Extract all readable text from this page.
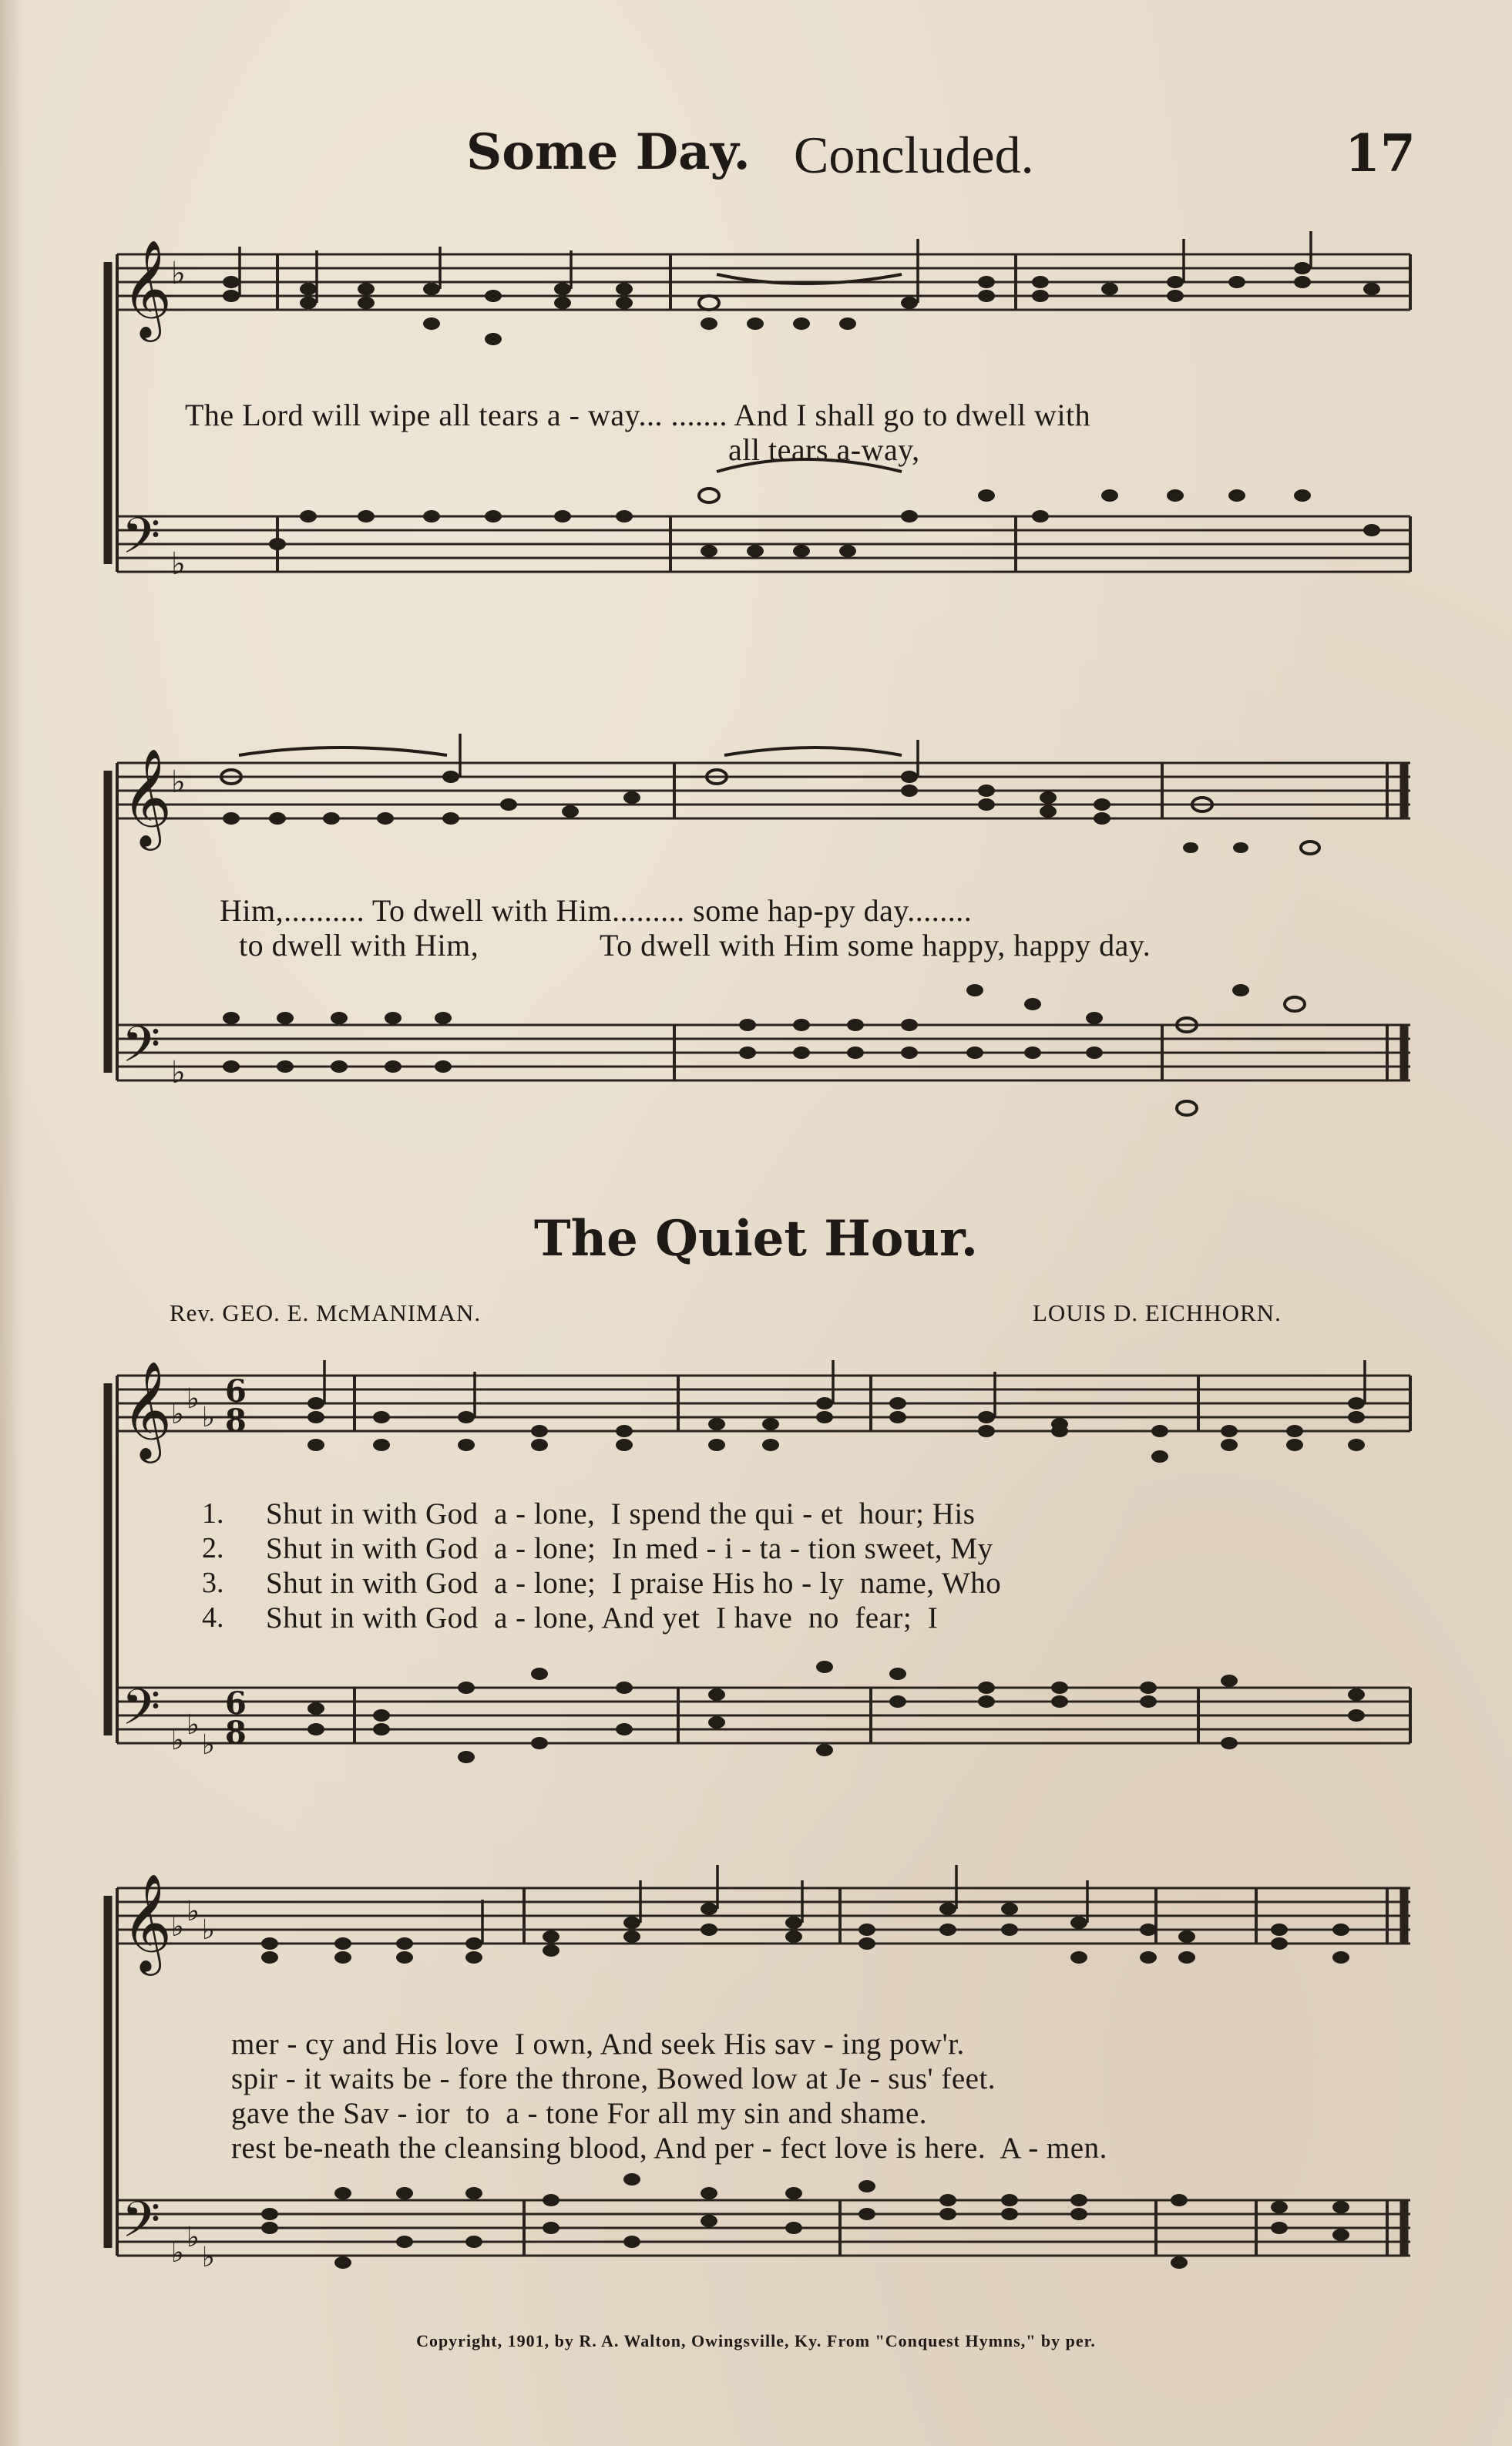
Some Day. Concluded.	17
𝄞
♭
𝄢 ♭
The Lord will wipe all tears a - way... ....... And I shall go to dwell with
all tears a-way,
𝄞
♭
𝄢 ♭
Him,.......... To dwell with Him......... some hap-py day........
to dwell with Him,               To dwell with Him some happy, happy day.
The Quiet Hour.
Rev. GEO. E. McMANIMAN.	LOUIS D. EICHHORN.
𝄞
♭ ♭
♭
6
8
𝄢 ♭ ♭
♭
6
8
1.
2.
3.
4.
Shut in with God  a - lone,  I spend the qui - et  hour; His
Shut in with God  a - lone;  In med - i - ta - tion sweet, My
Shut in with God  a - lone;  I praise His ho - ly  name, Who
Shut in with God  a - lone, And yet  I have  no  fear;  I
𝄞
♭ ♭
♭
𝄢 ♭ ♭
♭
mer - cy and His love  I own, And seek His sav - ing pow'r.
spir - it waits be - fore the throne, Bowed low at Je - sus' feet.
gave the Sav - ior  to  a - tone For all my sin and shame.
rest be-neath the cleansing blood, And per - fect love is here.  A - men.
Copyright, 1901, by R. A. Walton, Owingsville, Ky. From "Conquest Hymns," by per.
